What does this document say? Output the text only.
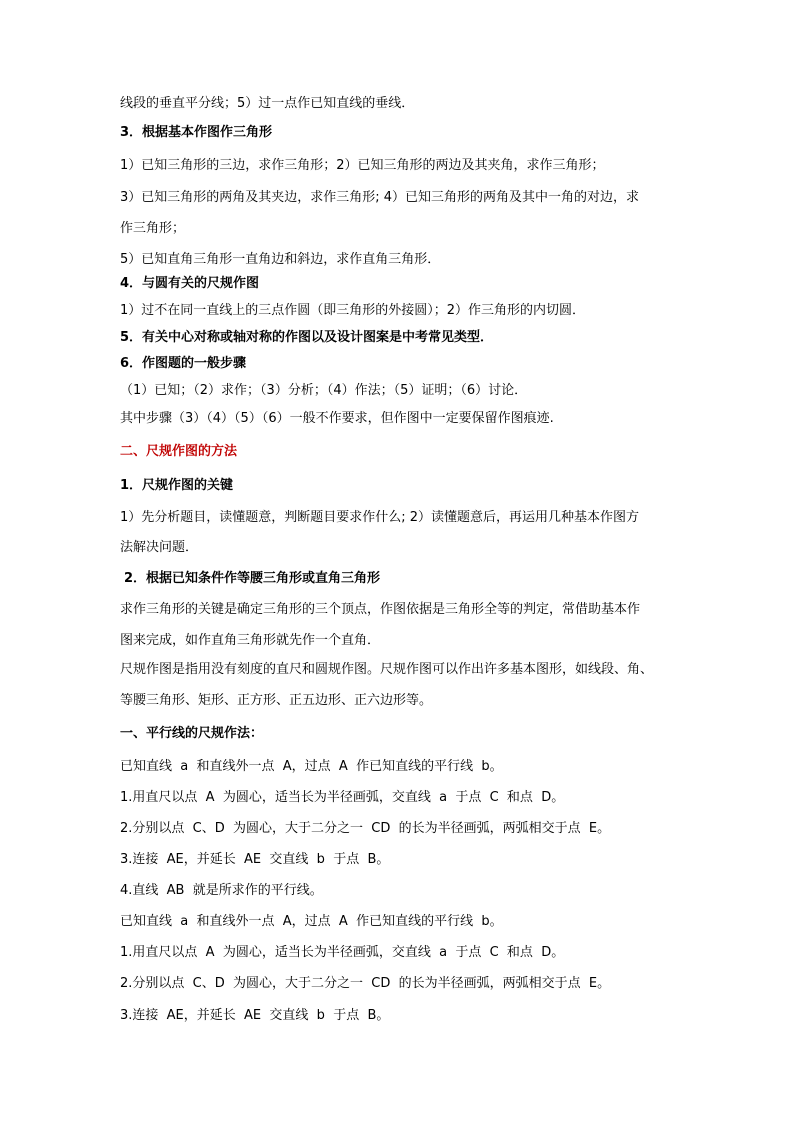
线段的垂直平分线；5）过一点作已知直线的垂线．
3．根据基本作图作三角形
1）已知三角形的三边，求作三角形；2）已知三角形的两边及其夹角，求作三角形；
3）已知三角形的两角及其夹边，求作三角形; 4）已知三角形的两角及其中一角的对边，求
作三角形；
5）已知直角三角形一直角边和斜边，求作直角三角形．
4．与圆有关的尺规作图
1）过不在同一直线上的三点作圆（即三角形的外接圆）；2）作三角形的内切圆．
5．有关中心对称或轴对称的作图以及设计图案是中考常见类型．
6．作图题的一般步骤
（1）已知；（2）求作；（3）分析；（4）作法；（5）证明；（6）讨论．
其中步骤（3）（4）（5）（6）一般不作要求，但作图中一定要保留作图痕迹.
二、尺规作图的方法
1．尺规作图的关键
1）先分析题目，读懂题意，判断题目要求作什么; 2）读懂题意后，再运用几种基本作图方
法解决问题．
2．根据已知条件作等腰三角形或直角三角形
求作三角形的关键是确定三角形的三个顶点，作图依据是三角形全等的判定，常借助基本作
图来完成，如作直角三角形就先作一个直角．
尺规作图是指用没有刻度的直尺和圆规作图。尺规作图可以作出许多基本图形，如线段、角、
等腰三角形、矩形、正方形、正五边形、正六边形等。
一、平行线的尺规作法：
已知直线  a  和直线外一点  A，过点  A  作已知直线的平行线  b。
1.用直尺以点  A  为圆心，适当长为半径画弧，交直线  a  于点  C  和点  D。
2.分别以点  C、D  为圆心，大于二分之一  CD  的长为半径画弧，两弧相交于点  E。
3.连接  AE，并延长  AE  交直线  b  于点  B。
4.直线  AB  就是所求作的平行线。
已知直线  a  和直线外一点  A，过点  A  作已知直线的平行线  b。
1.用直尺以点  A  为圆心，适当长为半径画弧，交直线  a  于点  C  和点  D。
2.分别以点  C、D  为圆心，大于二分之一  CD  的长为半径画弧，两弧相交于点  E。
3.连接  AE，并延长  AE  交直线  b  于点  B。
